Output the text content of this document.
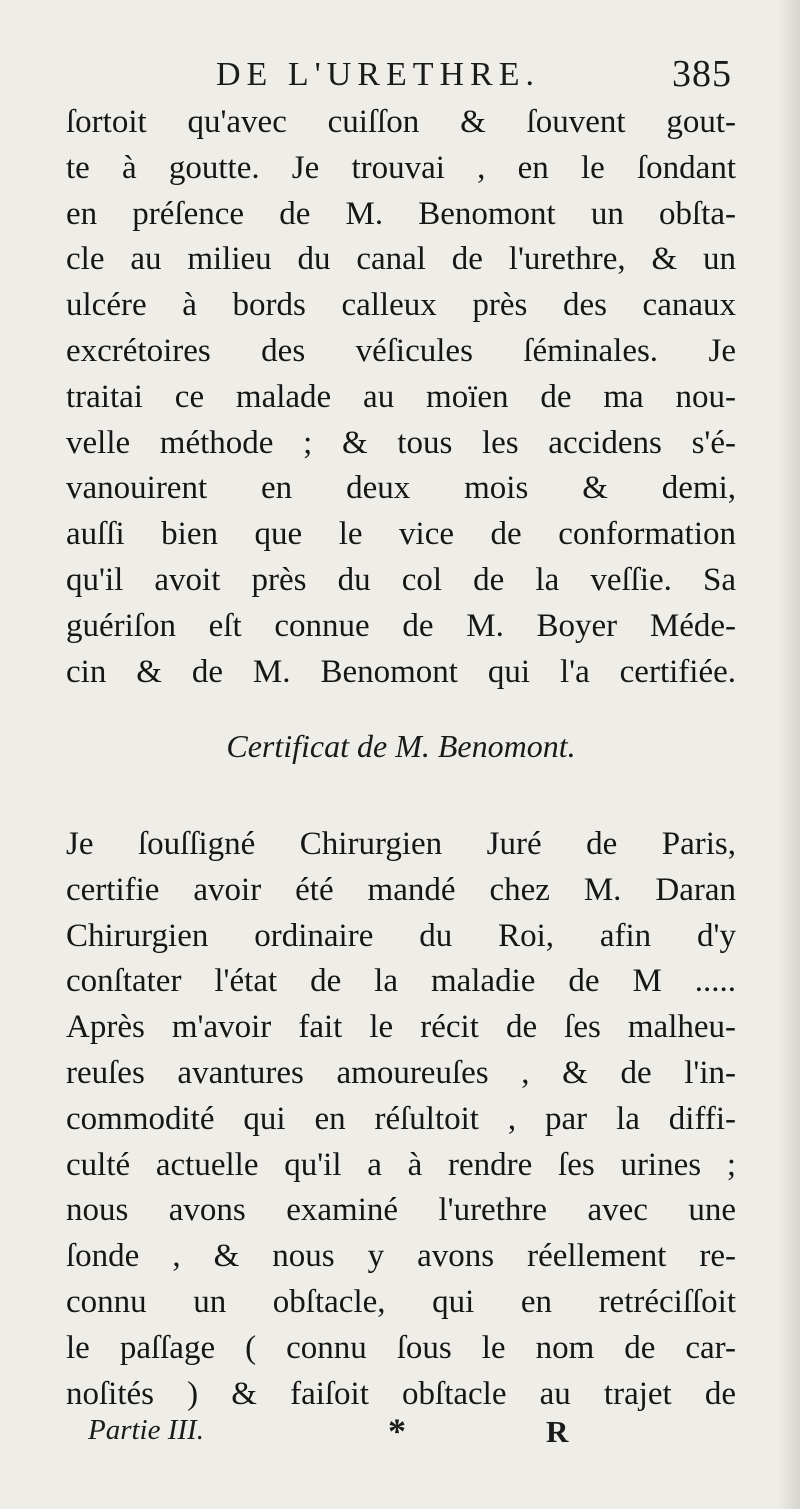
DE L'URETHRE.	385
ſortoit qu'avec cuiſſon & ſouvent gout-
te à goutte. Je trouvai , en le ſondant
en préſence de M. Benomont un obſta-
cle au milieu du canal de l'urethre, & un
ulcére à bords calleux près des canaux
excrétoires des véſicules ſéminales. Je
traitai ce malade au moïen de ma nou-
velle méthode ; & tous les accidens s'é-
vanouirent en deux mois & demi,
auſſi bien que le vice de conformation
qu'il avoit près du col de la veſſie. Sa
guériſon eſt connue de M. Boyer Méde-
cin & de M. Benomont qui l'a certifiée.
Certificat de M. Benomont.
Je ſouſſigné Chirurgien Juré de Paris,
certifie avoir été mandé chez M. Daran
Chirurgien ordinaire du Roi, afin d'y
conſtater l'état de la maladie de M .....
Après m'avoir fait le récit de ſes malheu-
reuſes avantures amoureuſes , & de l'in-
commodité qui en réſultoit , par la diffi-
culté actuelle qu'il a à rendre ſes urines ;
nous avons examiné l'urethre avec une
ſonde , & nous y avons réellement re-
connu un obſtacle, qui en retréciſſoit
le paſſage ( connu ſous le nom de car-
noſités ) & faiſoit obſtacle au trajet de
Partie III.	*	R
